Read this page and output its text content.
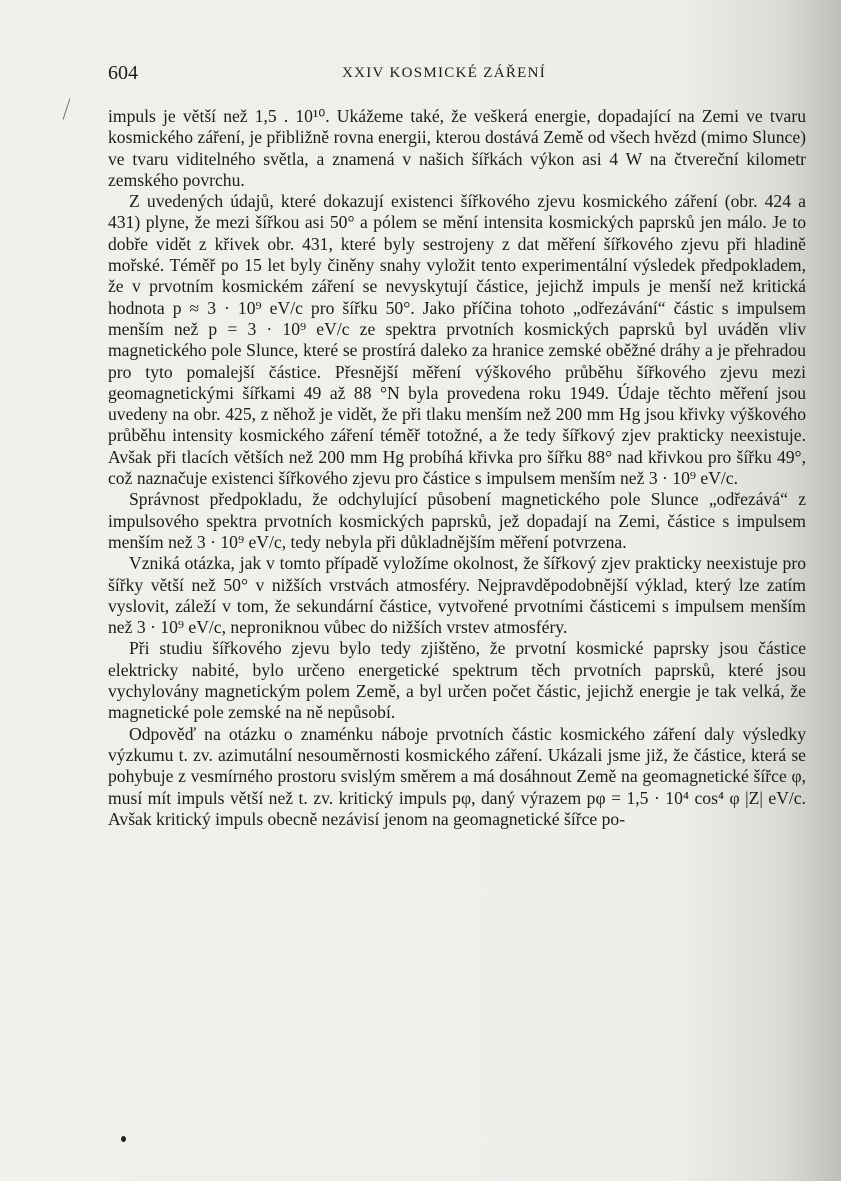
604	XXIV KOSMICKÉ ZÁŘENÍ

impuls je větší než 1,5 . 10¹⁰. Ukážeme také, že veškerá energie, dopadající na Zemi ve tvaru kosmického záření, je přibližně rovna energii, kterou dostává Země od všech hvězd (mimo Slunce) ve tvaru viditelného světla, a znamená v našich šířkách výkon asi 4 W na čtvereční kilometr zemského povrchu.

Z uvedených údajů, které dokazují existenci šířkového zjevu kosmického záření (obr. 424 a 431) plyne, že mezi šířkou asi 50° a pólem se mění intensita kosmických paprsků jen málo. Je to dobře vidět z křivek obr. 431, které byly sestrojeny z dat měření šířkového zjevu při hladině mořské. Téměř po 15 let byly činěny snahy vyložit tento experimentální výsledek předpokladem, že v prvotním kosmickém záření se nevyskytují částice, jejichž impuls je menší než kritická hodnota p ≈ 3 · 10⁹ eV/c pro šířku 50°. Jako příčina tohoto „odřezávání“ částic s impulsem menším než p = 3 · 10⁹ eV/c ze spektra prvotních kosmických paprsků byl uváděn vliv magnetického pole Slunce, které se prostírá daleko za hranice zemské oběžné dráhy a je přehradou pro tyto pomalejší částice. Přesnější měření výškového průběhu šířkového zjevu mezi geomagnetickými šířkami 49 až 88 °N byla provedena roku 1949. Údaje těchto měření jsou uvedeny na obr. 425, z něhož je vidět, že při tlaku menším než 200 mm Hg jsou křivky výškového průběhu intensity kosmického záření téměř totožné, a že tedy šířkový zjev prakticky neexistuje. Avšak při tlacích větších než 200 mm Hg probíhá křivka pro šířku 88° nad křivkou pro šířku 49°, což naznačuje existenci šířkového zjevu pro částice s impulsem menším než 3 · 10⁹ eV/c.

Správnost předpokladu, že odchylující působení magnetického pole Slunce „odřezává“ z impulsového spektra prvotních kosmických paprsků, jež dopadají na Zemi, částice s impulsem menším než 3 · 10⁹ eV/c, tedy nebyla při důkladnějším měření potvrzena.

Vzniká otázka, jak v tomto případě vyložíme okolnost, že šířkový zjev prakticky neexistuje pro šířky větší než 50° v nižších vrstvách atmosféry. Nejpravděpodobnější výklad, který lze zatím vyslovit, záleží v tom, že sekundární částice, vytvořené prvotními částicemi s impulsem menším než 3 · 10⁹ eV/c, neproniknou vůbec do nižších vrstev atmosféry.

Při studiu šířkového zjevu bylo tedy zjištěno, že prvotní kosmické paprsky jsou částice elektricky nabité, bylo určeno energetické spektrum těch prvotních paprsků, které jsou vychylovány magnetickým polem Země, a byl určen počet částic, jejichž energie je tak velká, že magnetické pole zemské na ně nepůsobí.

Odpověď na otázku o znaménku náboje prvotních částic kosmického záření daly výsledky výzkumu t. zv. azimutální nesouměrnosti kosmického záření. Ukázali jsme již, že částice, která se pohybuje z vesmírného prostoru svislým směrem a má dosáhnout Země na geomagnetické šířce φ, musí mít impuls větší než t. zv. kritický impuls pφ, daný výrazem pφ = 1,5 · 10⁴ cos⁴ φ |Z| eV/c. Avšak kritický impuls obecně nezávisí jenom na geomagnetické šířce po-
